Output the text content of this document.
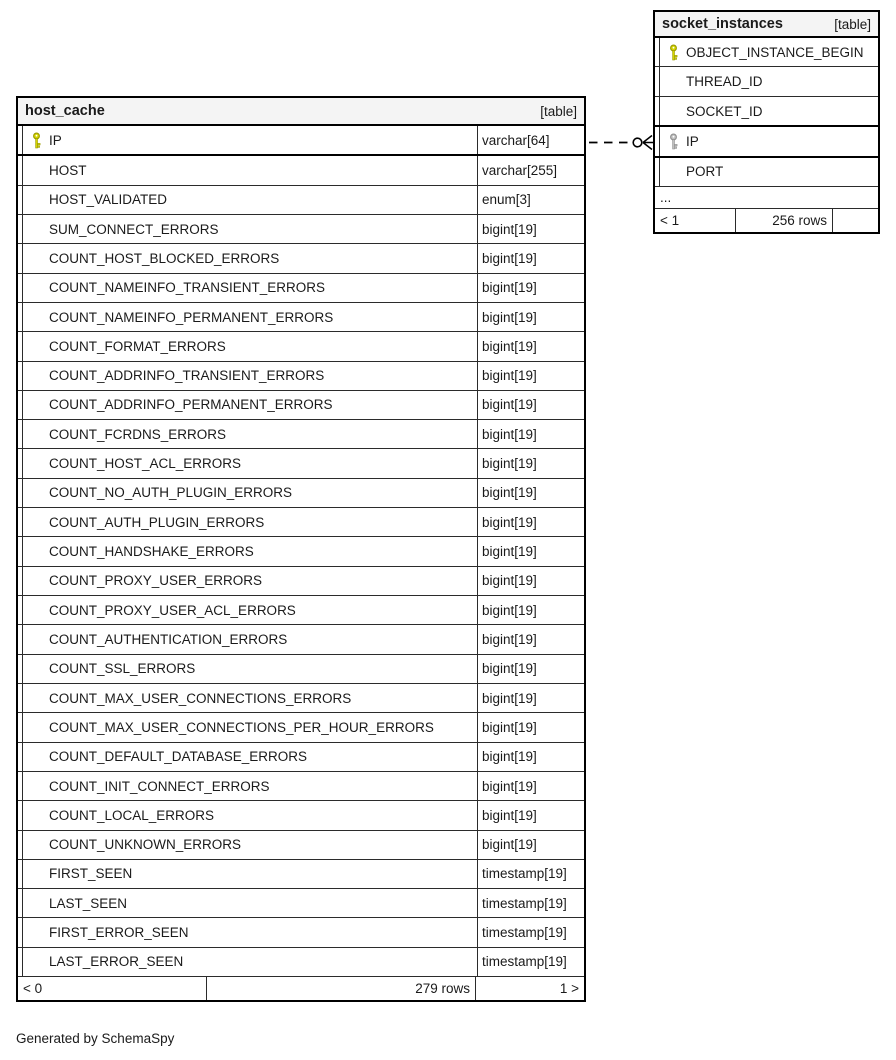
host_cache	[table]
IP	varchar[64]
HOST	varchar[255]
HOST_VALIDATED	enum[3]
SUM_CONNECT_ERRORS	bigint[19]
COUNT_HOST_BLOCKED_ERRORS	bigint[19]
COUNT_NAMEINFO_TRANSIENT_ERRORS	bigint[19]
COUNT_NAMEINFO_PERMANENT_ERRORS	bigint[19]
COUNT_FORMAT_ERRORS	bigint[19]
COUNT_ADDRINFO_TRANSIENT_ERRORS	bigint[19]
COUNT_ADDRINFO_PERMANENT_ERRORS	bigint[19]
COUNT_FCRDNS_ERRORS	bigint[19]
COUNT_HOST_ACL_ERRORS	bigint[19]
COUNT_NO_AUTH_PLUGIN_ERRORS	bigint[19]
COUNT_AUTH_PLUGIN_ERRORS	bigint[19]
COUNT_HANDSHAKE_ERRORS	bigint[19]
COUNT_PROXY_USER_ERRORS	bigint[19]
COUNT_PROXY_USER_ACL_ERRORS	bigint[19]
COUNT_AUTHENTICATION_ERRORS	bigint[19]
COUNT_SSL_ERRORS	bigint[19]
COUNT_MAX_USER_CONNECTIONS_ERRORS	bigint[19]
COUNT_MAX_USER_CONNECTIONS_PER_HOUR_ERRORS	bigint[19]
COUNT_DEFAULT_DATABASE_ERRORS	bigint[19]
COUNT_INIT_CONNECT_ERRORS	bigint[19]
COUNT_LOCAL_ERRORS	bigint[19]
COUNT_UNKNOWN_ERRORS	bigint[19]
FIRST_SEEN	timestamp[19]
LAST_SEEN	timestamp[19]
FIRST_ERROR_SEEN	timestamp[19]
LAST_ERROR_SEEN	timestamp[19]
< 0	279 rows	1 >
socket_instances	[table]
OBJECT_INSTANCE_BEGIN
THREAD_ID
SOCKET_ID
IP
PORT
...
< 1	256 rows
Generated by SchemaSpy
